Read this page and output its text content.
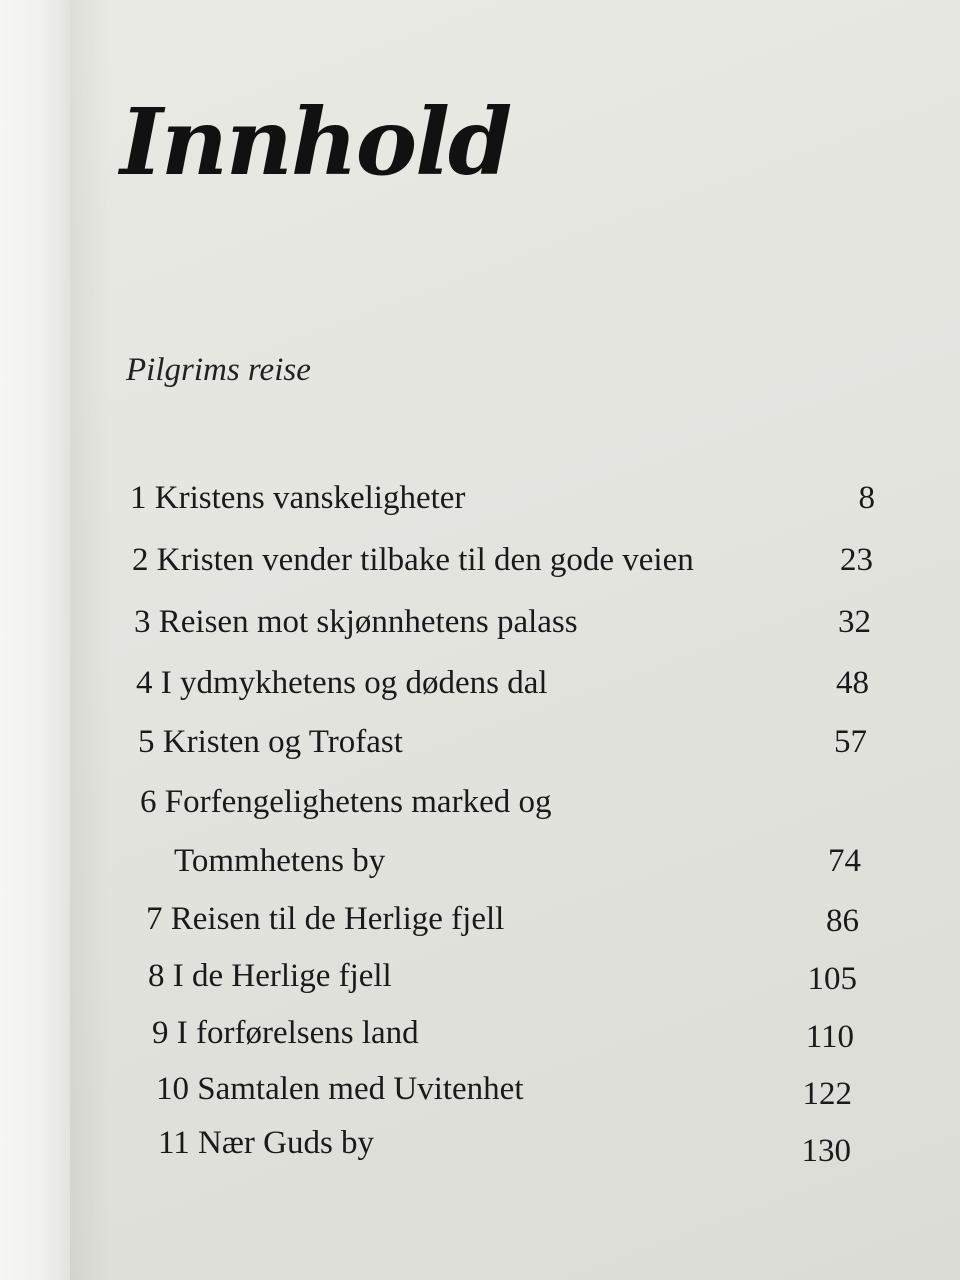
Innhold
Pilgrims reise
1 Kristens vanskeligheter	8
2 Kristen vender tilbake til den gode veien	23
3 Reisen mot skjønnhetens palass	32
4 I ydmykhetens og dødens dal	48
5 Kristen og Trofast	57
6 Forfengelighetens marked og
Tommhetens by	74
7 Reisen til de Herlige fjell	86
8 I de Herlige fjell	105
9 I forførelsens land	110
10 Samtalen med Uvitenhet	122
11 Nær Guds by	130
